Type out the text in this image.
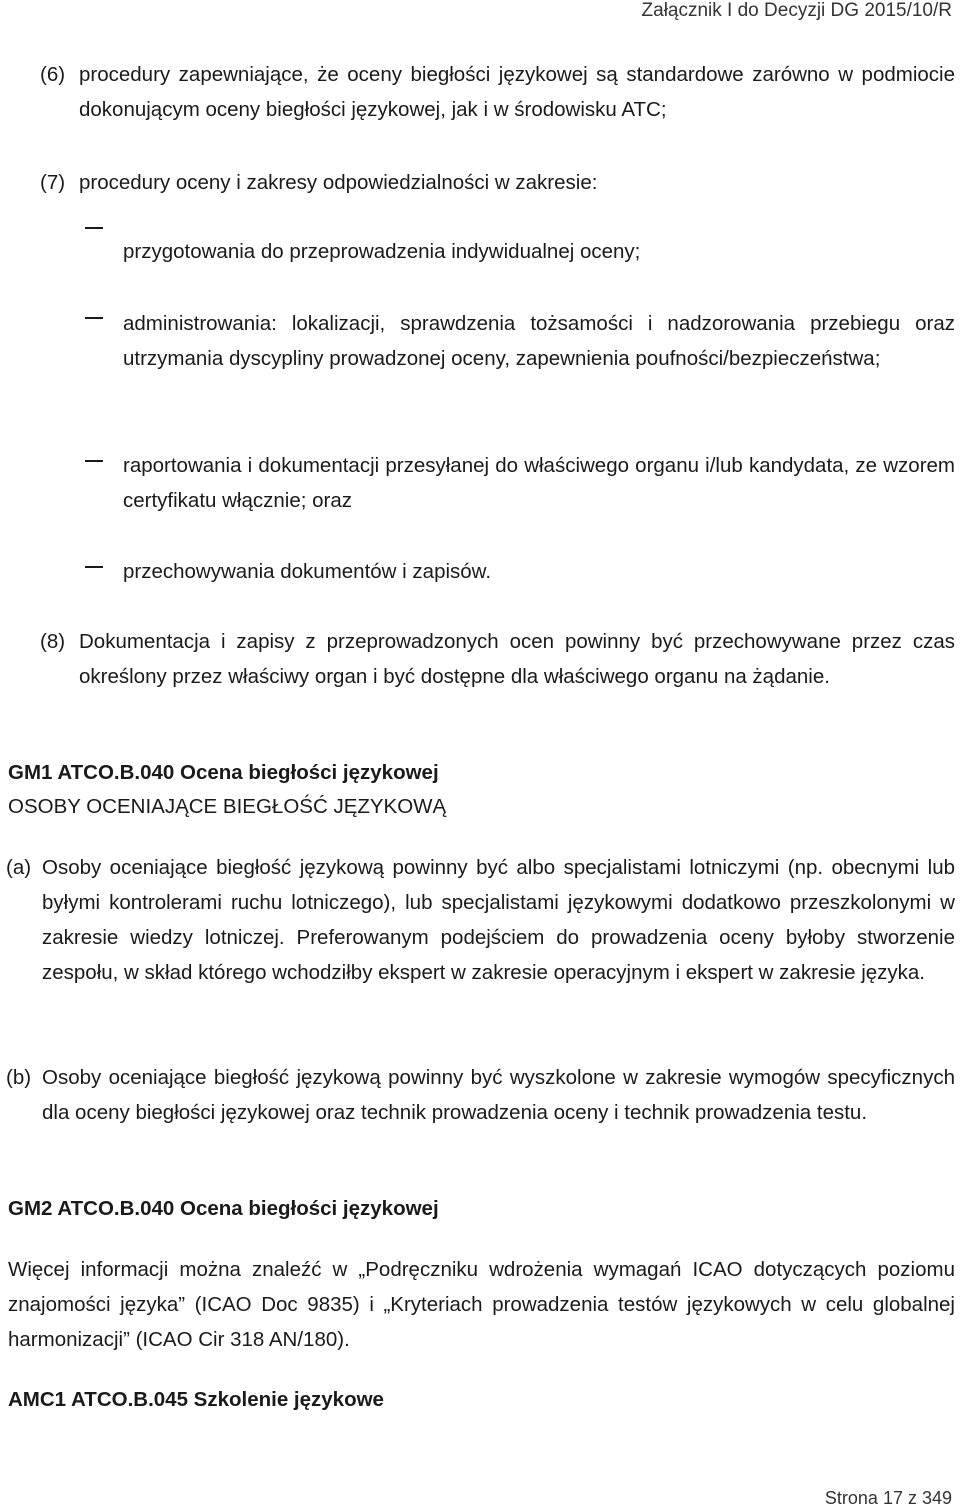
Załącznik I do Decyzji DG 2015/10/R
(6) procedury zapewniające, że oceny biegłości językowej są standardowe zarówno w podmiocie dokonującym oceny biegłości językowej, jak i w środowisku ATC;
(7) procedury oceny i zakresy odpowiedzialności w zakresie:
przygotowania do przeprowadzenia indywidualnej oceny;
administrowania: lokalizacji, sprawdzenia tożsamości i nadzorowania przebiegu oraz utrzymania dyscypliny prowadzonej oceny, zapewnienia poufności/bezpieczeństwa;
raportowania i dokumentacji przesyłanej do właściwego organu i/lub kandydata, ze wzorem certyfikatu włącznie; oraz
przechowywania dokumentów i zapisów.
(8) Dokumentacja i zapisy z przeprowadzonych ocen powinny być przechowywane przez czas określony przez właściwy organ i być dostępne dla właściwego organu na żądanie.
GM1 ATCO.B.040 Ocena biegłości językowej
OSOBY OCENIAJĄCE BIEGŁOŚĆ JĘZYKOWĄ
(a) Osoby oceniające biegłość językową powinny być albo specjalistami lotniczymi (np. obecnymi lub byłymi kontrolerami ruchu lotniczego), lub specjalistami językowymi dodatkowo przeszkolonymi w zakresie wiedzy lotniczej. Preferowanym podejściem do prowadzenia oceny byłoby stworzenie zespołu, w skład którego wchodziłby ekspert w zakresie operacyjnym i ekspert w zakresie języka.
(b) Osoby oceniające biegłość językową powinny być wyszkolone w zakresie wymogów specyficznych dla oceny biegłości językowej oraz technik prowadzenia oceny i technik prowadzenia testu.
GM2 ATCO.B.040 Ocena biegłości językowej
Więcej informacji można znaleźć w „Podręczniku wdrożenia wymagań ICAO dotyczących poziomu znajomości języka” (ICAO Doc 9835) i „Kryteriach prowadzenia testów językowych w celu globalnej harmonizacji” (ICAO Cir 318 AN/180).
AMC1 ATCO.B.045 Szkolenie językowe
Strona 17 z 349
